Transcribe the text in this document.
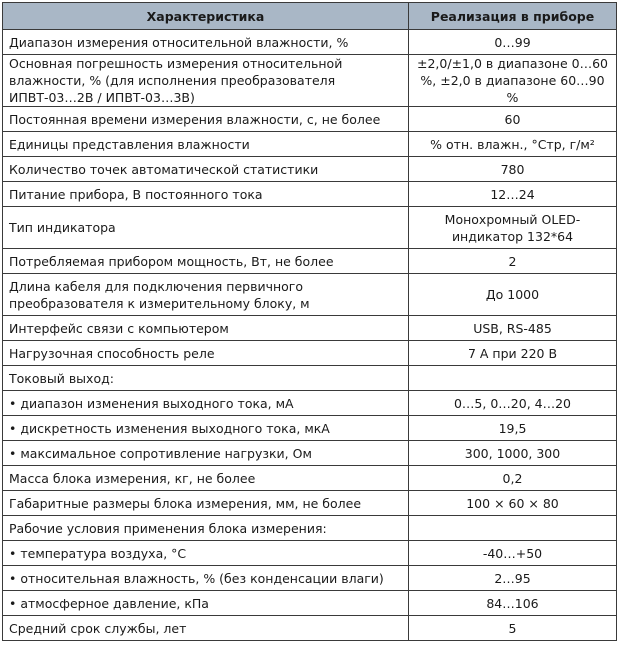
Характеристика	Реализация в приборе
Диапазон измерения относительной влажности, %	0…99
Основная погрешность измерения относительной влажности, % (для исполнения преобразователя ИПВТ-03…2В / ИПВТ-03…3В)	±2,0/±1,0 в диапазоне 0…60 %, ±2,0 в диапазоне 60…90 %
Постоянная времени измерения влажности, с, не более	60
Единицы представления влажности	% отн. влажн., °Стр, г/м²
Количество точек автоматической статистики	780
Питание прибора, В постоянного тока	12…24
Тип индикатора	Монохромный OLED-индикатор 132*64
Потребляемая прибором мощность, Вт, не более	2
Длина кабеля для подключения первичного преобразователя к измерительному блоку, м	До 1000
Интерфейс связи с компьютером	USB, RS-485
Нагрузочная способность реле	7 А при 220 В
Токовый выход:	
• диапазон изменения выходного тока, мА	0…5, 0…20, 4…20
• дискретность изменения выходного тока, мкА	19,5
• максимальное сопротивление нагрузки, Ом	300, 1000, 300
Масса блока измерения, кг, не более	0,2
Габаритные размеры блока измерения, мм, не более	100 × 60 × 80
Рабочие условия применения блока измерения:	
• температура воздуха, °С	-40…+50
• относительная влажность, % (без конденсации влаги)	2…95
• атмосферное давление, кПа	84…106
Средний срок службы, лет	5
